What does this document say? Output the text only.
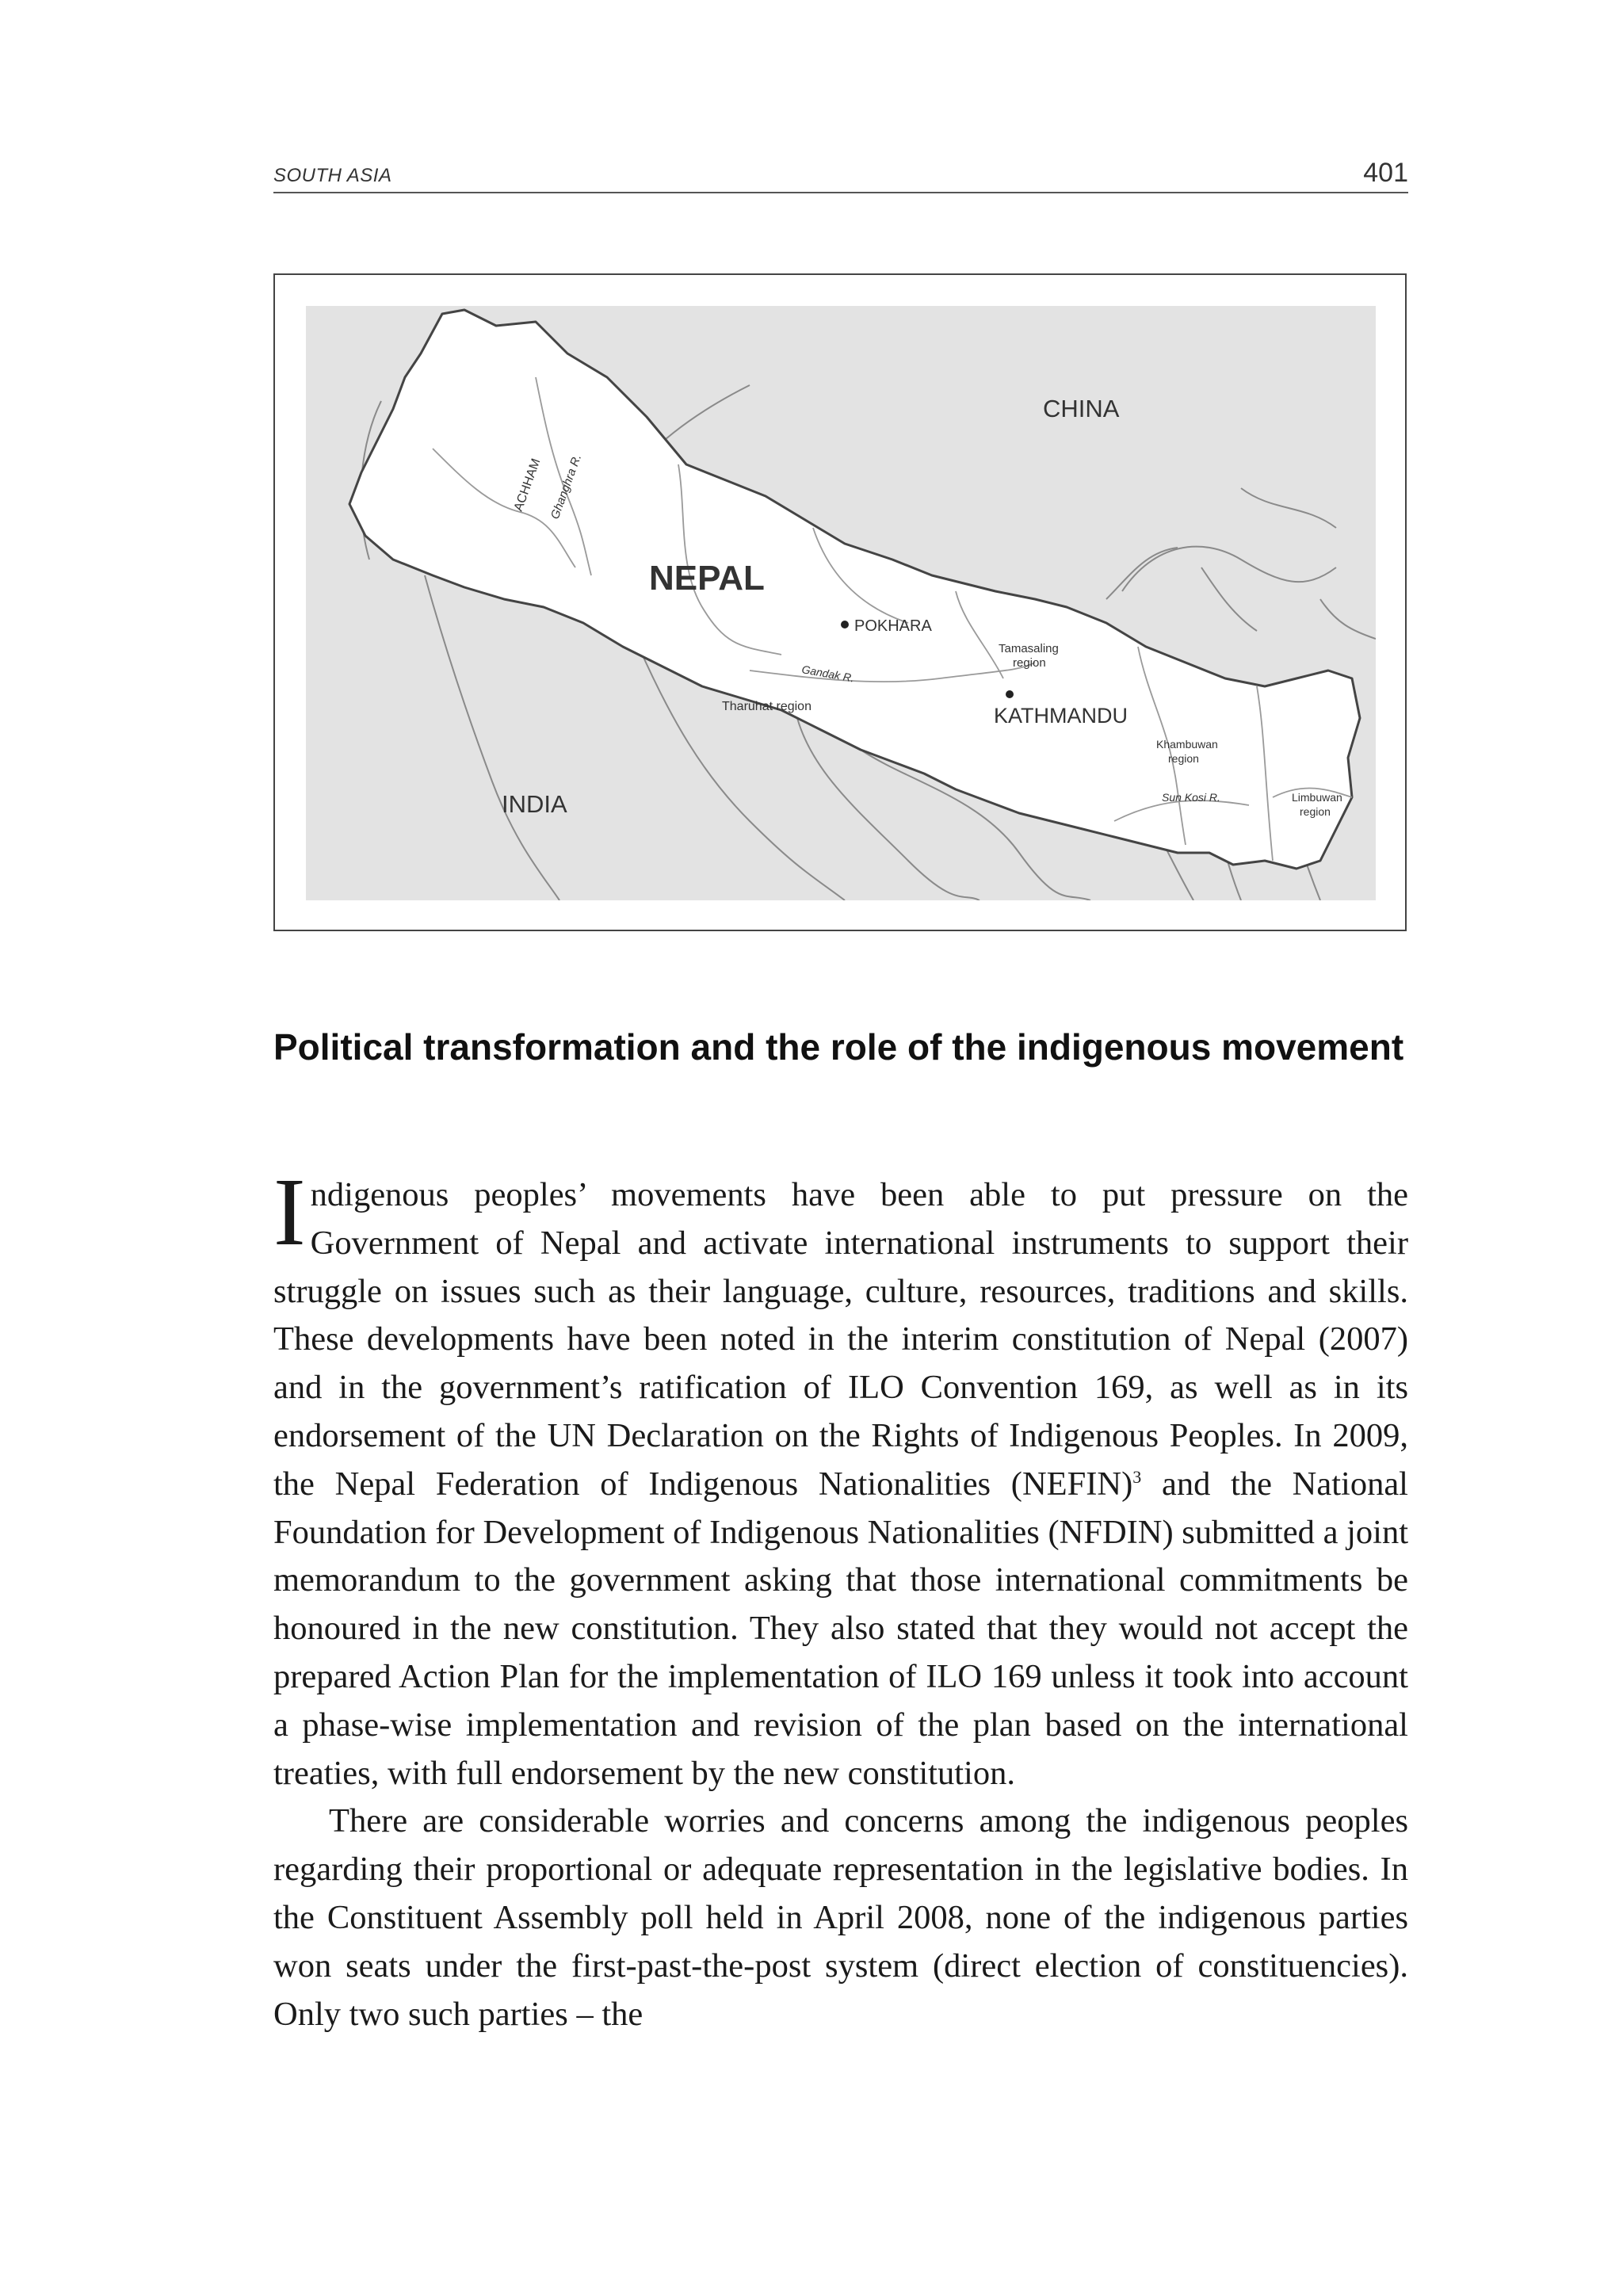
SOUTH ASIA	401
CHINA
INDIA
NEPAL
POKHARA
KATHMANDU
ACHHAM Ghanghra R.
Gandak R.
Tharuhat region
Tamasaling
region
Khambuwan
region
Sun Kosi R.	Limbuwan
region
Political transformation and the role of the indigenous movement

Indigenous peoples’ movements have been able to put pressure on the Government of Nepal and activate international instruments to support their struggle on issues such as their language, culture, resources, traditions and skills. These developments have been noted in the interim constitution of Nepal (2007) and in the government’s ratification of ILO Convention 169, as well as in its endorsement of the UN Declaration on the Rights of Indigenous Peoples. In 2009, the Nepal Federation of Indigenous Nationalities (NEFIN)$^3$ and the National Foundation for Development of Indigenous Nationalities (NFDIN) submitted a joint memorandum to the government asking that those international commitments be honoured in the new constitution. They also stated that they would not accept the prepared Action Plan for the implementation of ILO 169 unless it took into account a phase-wise implementation and revision of the plan based on the international treaties, with full endorsement by the new constitution.

There are considerable worries and concerns among the indigenous peoples regarding their proportional or adequate representation in the legislative bodies. In the Constituent Assembly poll held in April 2008, none of the indigenous parties won seats under the first-past-the-post system (direct election of constituencies). Only two such parties – the
